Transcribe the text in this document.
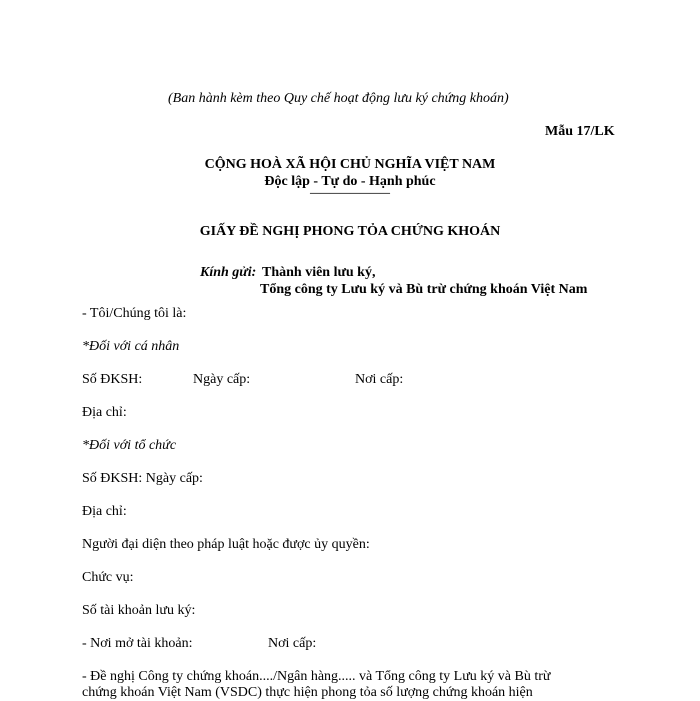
(Ban hành kèm theo Quy chế hoạt động lưu ký chứng khoán)
Mẫu 17/LK
CỘNG HOÀ XÃ HỘI CHỦ NGHĨA VIỆT NAM
Độc lập - Tự do - Hạnh phúc
————————
GIẤY ĐỀ NGHỊ PHONG TỎA CHỨNG KHOÁN
Kính gửi: Thành viên lưu ký,
Tổng công ty Lưu ký và Bù trừ chứng khoán Việt Nam
- Tôi/Chúng tôi là:
*Đối với cá nhân
Số ĐKSH:	Ngày cấp:	Nơi cấp:
Địa chỉ:
*Đối với tổ chức
Số ĐKSH: Ngày cấp:
Địa chỉ:
Người đại diện theo pháp luật hoặc được ủy quyền:
Chức vụ:
Số tài khoản lưu ký:
- Nơi mở tài khoản:	Nơi cấp:
- Đề nghị Công ty chứng khoán..../Ngân hàng..... và Tổng công ty Lưu ký và Bù trừ
chứng khoán Việt Nam (VSDC) thực hiện phong tỏa số lượng chứng khoán hiện
